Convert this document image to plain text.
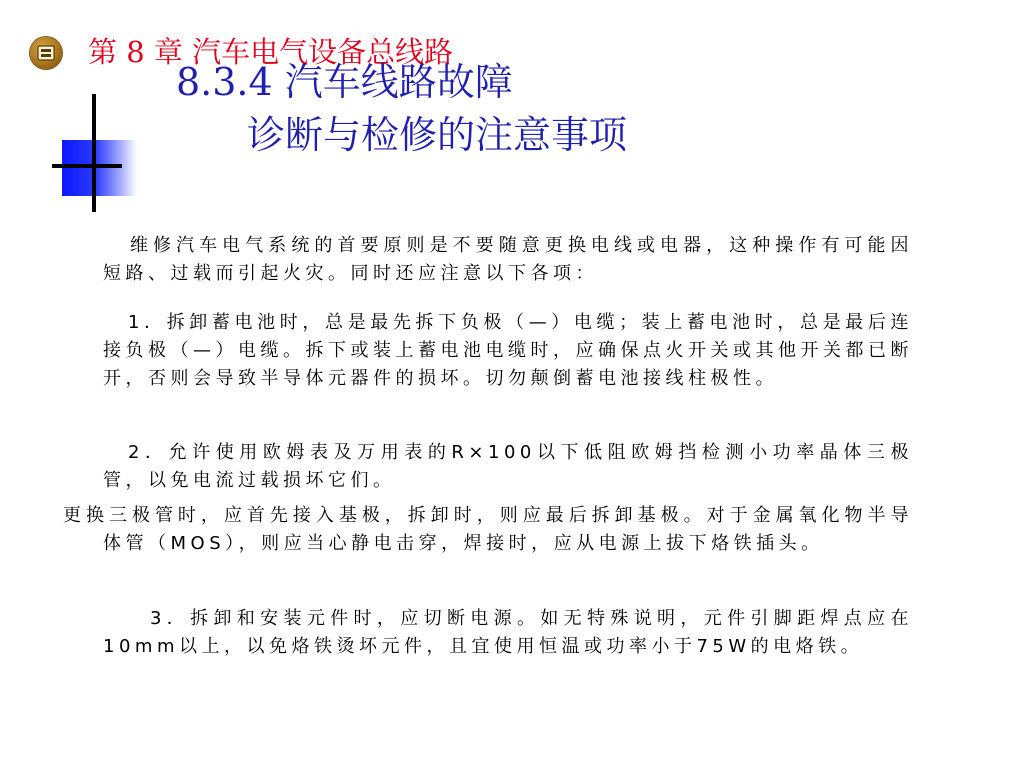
第 8 章 汽车电气设备总线路
8.3.4 汽车线路故障
诊断与检修的注意事项
维修汽车电气系统的首要原则是不要随意更换电线或电器，这种操作有可能因短路、过载而引起火灾。同时还应注意以下各项：
1．拆卸蓄电池时，总是最先拆下负极（—）电缆；装上蓄电池时，总是最后连接负极（—）电缆。拆下或装上蓄电池电缆时，应确保点火开关或其他开关都已断开，否则会导致半导体元器件的损坏。切勿颠倒蓄电池接线柱极性。
2．允许使用欧姆表及万用表的R×100以下低阻欧姆挡检测小功率晶体三极管，以免电流过载损坏它们。
更换三极管时，应首先接入基极，拆卸时，则应最后拆卸基极。对于金属氧化物半导体管（MOS），则应当心静电击穿，焊接时，应从电源上拔下烙铁插头。
3．拆卸和安装元件时，应切断电源。如无特殊说明，元件引脚距焊点应在10mm以上，以免烙铁烫坏元件，且宜使用恒温或功率小于75W的电烙铁。
